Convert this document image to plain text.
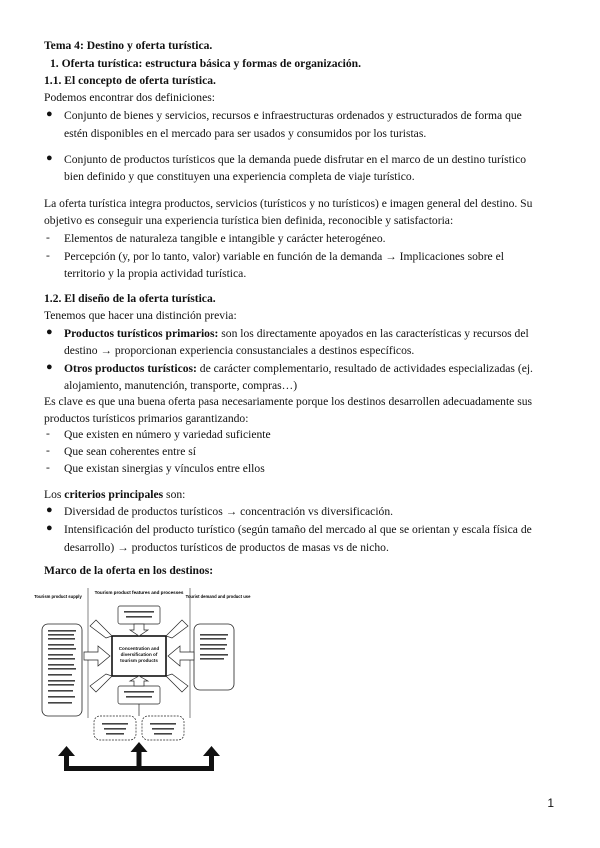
Tema 4: Destino y oferta turística.
1. Oferta turística: estructura básica y formas de organización.
1.1. El concepto de oferta turística.
Podemos encontrar dos definiciones:
● Conjunto de bienes y servicios, recursos e infraestructuras ordenados y estructurados de forma que
estén disponibles en el mercado para ser usados y consumidos por los turistas.
● Conjunto de productos turísticos que la demanda puede disfrutar en el marco de un destino turístico
bien definido y que constituyen una experiencia completa de viaje turístico.
La oferta turística integra productos, servicios (turísticos y no turísticos) e imagen general del destino. Su
objetivo es conseguir una experiencia turística bien definida, reconocible y satisfactoria:
- Elementos de naturaleza tangible e intangible y carácter heterogéneo.
- Percepción (y, por lo tanto, valor) variable en función de la demanda → Implicaciones sobre el
territorio y la propia actividad turística.
1.2. El diseño de la oferta turística.
Tenemos que hacer una distinción previa:
● Productos turísticos primarios: son los directamente apoyados en las características y recursos del
destino → proporcionan experiencia consustanciales a destinos específicos.
● Otros productos turísticos: de carácter complementario, resultado de actividades especializadas (ej.
alojamiento, manutención, transporte, compras…)
Es clave es que una buena oferta pasa necesariamente porque los destinos desarrollen adecuadamente sus
productos turísticos primarios garantizando:
- Que existen en número y variedad suficiente
- Que sean coherentes entre sí
- Que existan sinergias y vínculos entre ellos
Los criterios principales son:
● Diversidad de productos turísticos → concentración vs diversificación.
● Intensificación del producto turístico (según tamaño del mercado al que se orientan y escala física de
desarrollo) → productos turísticos de productos de masas vs de nicho.
Marco de la oferta en los destinos:
Tourism product supply
Tourism product features and processes
Tourist demand and product use
Concentration and diversification of tourism products
1
